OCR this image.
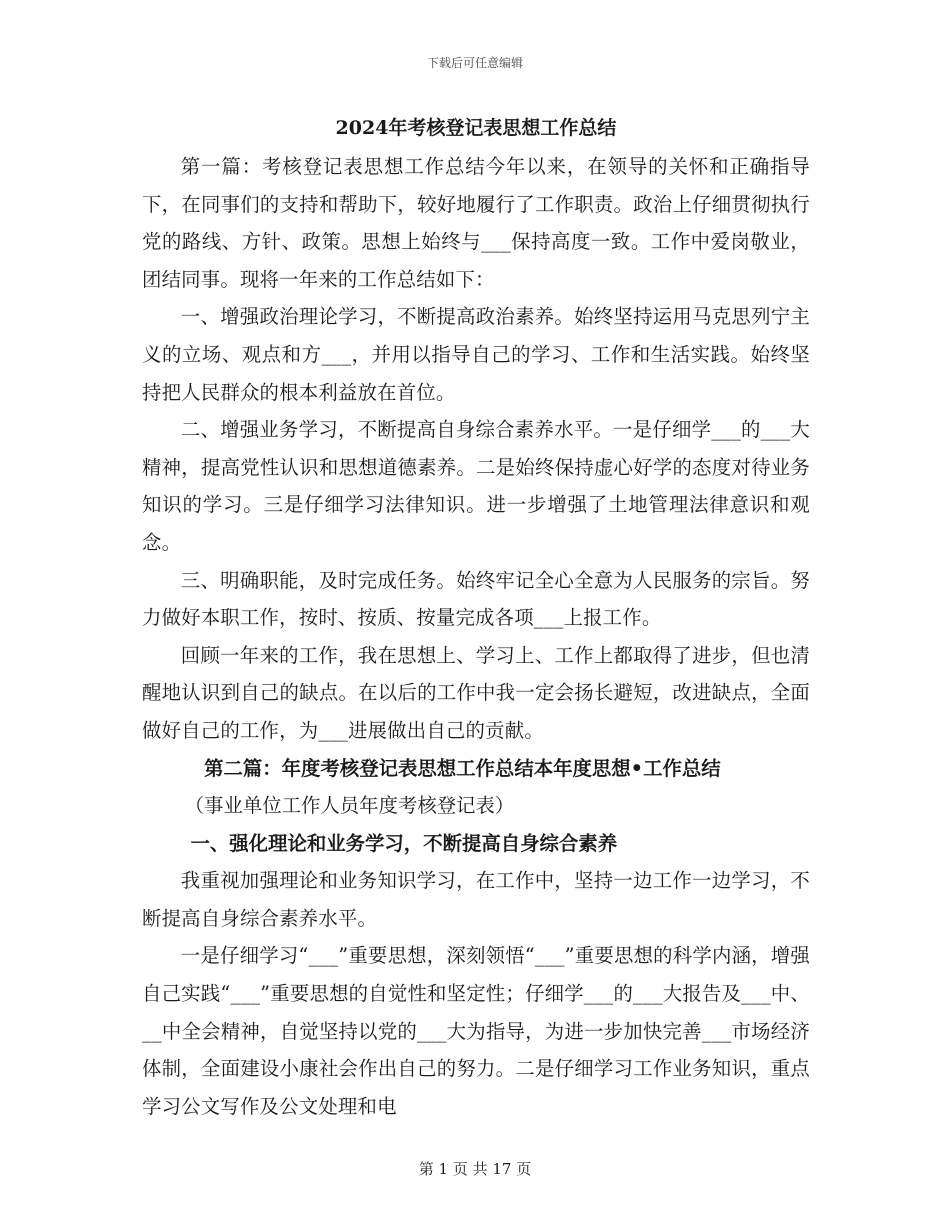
下载后可任意编辑
2024年考核登记表思想工作总结

第一篇：考核登记表思想工作总结今年以来，在领导的关怀和正确指导下，在同事们的支持和帮助下，较好地履行了工作职责。政治上仔细贯彻执行党的路线、方针、政策。思想上始终与___保持高度一致。工作中爱岗敬业，团结同事。现将一年来的工作总结如下：

一、增强政治理论学习，不断提高政治素养。始终坚持运用马克思列宁主义的立场、观点和方___，并用以指导自己的学习、工作和生活实践。始终坚持把人民群众的根本利益放在首位。

二、增强业务学习，不断提高自身综合素养水平。一是仔细学___的___大精神，提高党性认识和思想道德素养。二是始终保持虚心好学的态度对待业务知识的学习。三是仔细学习法律知识。进一步增强了土地管理法律意识和观念。

三、明确职能，及时完成任务。始终牢记全心全意为人民服务的宗旨。努力做好本职工作，按时、按质、按量完成各项___上报工作。

回顾一年来的工作，我在思想上、学习上、工作上都取得了进步，但也清醒地认识到自己的缺点。在以后的工作中我一定会扬长避短，改进缺点，全面做好自己的工作，为___进展做出自己的贡献。

第二篇：年度考核登记表思想工作总结本年度思想•工作总结

（事业单位工作人员年度考核登记表）

一、强化理论和业务学习，不断提高自身综合素养

我重视加强理论和业务知识学习，在工作中，坚持一边工作一边学习，不断提高自身综合素养水平。

一是仔细学习“___”重要思想，深刻领悟“___”重要思想的科学内涵，增强自己实践“___”重要思想的自觉性和坚定性；仔细学___的___大报告及___中、__中全会精神，自觉坚持以党的___大为指导，为进一步加快完善___市场经济体制，全面建设小康社会作出自己的努力。二是仔细学习工作业务知识，重点学习公文写作及公文处理和电

第 1 页 共 17 页
